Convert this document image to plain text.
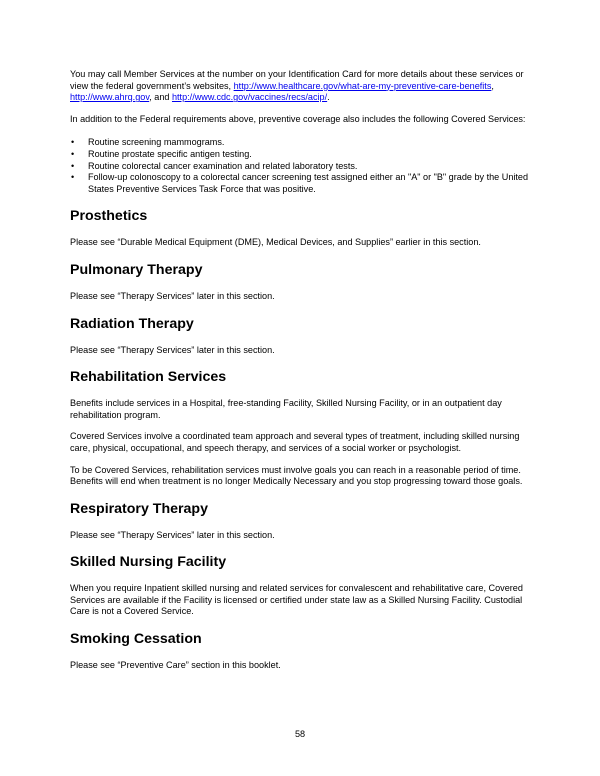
You may call Member Services at the number on your Identification Card for more details about these services or view the federal government’s websites, http://www.healthcare.gov/what-are-my-preventive-care-benefits, http://www.ahrq.gov, and http://www.cdc.gov/vaccines/recs/acip/.

In addition to the Federal requirements above, preventive coverage also includes the following Covered Services:

• Routine screening mammograms.
• Routine prostate specific antigen testing.
• Routine colorectal cancer examination and related laboratory tests.
• Follow-up colonoscopy to a colorectal cancer screening test assigned either an "A" or "B" grade by the United States Preventive Services Task Force that was positive.
Prosthetics

Please see “Durable Medical Equipment (DME), Medical Devices, and Supplies” earlier in this section.

Pulmonary Therapy

Please see “Therapy Services” later in this section.

Radiation Therapy

Please see “Therapy Services” later in this section.

Rehabilitation Services

Benefits include services in a Hospital, free-standing Facility, Skilled Nursing Facility, or in an outpatient day rehabilitation program.

Covered Services involve a coordinated team approach and several types of treatment, including skilled nursing care, physical, occupational, and speech therapy, and services of a social worker or psychologist.

To be Covered Services, rehabilitation services must involve goals you can reach in a reasonable period of time. Benefits will end when treatment is no longer Medically Necessary and you stop progressing toward those goals.

Respiratory Therapy

Please see “Therapy Services” later in this section.

Skilled Nursing Facility

When you require Inpatient skilled nursing and related services for convalescent and rehabilitative care, Covered Services are available if the Facility is licensed or certified under state law as a Skilled Nursing Facility. Custodial Care is not a Covered Service.

Smoking Cessation

Please see “Preventive Care” section in this booklet.

58
